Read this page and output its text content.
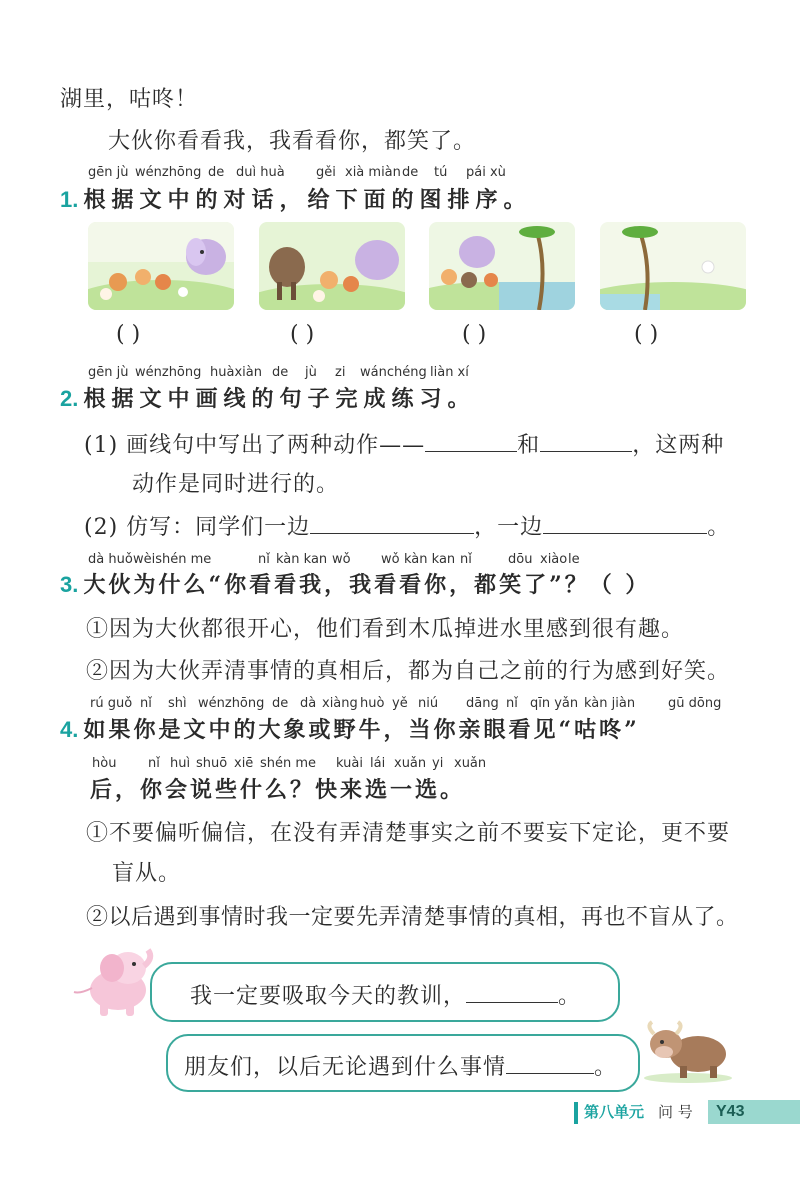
湖里，咕咚！
大伙你看看我，我看看你，都笑了。
gēn jù wénzhōng de duì huà gěi xià miàn de tú pái xù
1. 根据文中的对话，给下面的图排序。
( )	( )	( )	( )
gēn jù wénzhōng huàxiàn de jù zi wánchéng liàn xí
2. 根据文中画线的句子完成练习。
(1) 画线句中写出了两种动作——	和	，这两种
动作是同时进行的。
(2) 仿写：同学们一边	，一边	。
dà huǒ wèishén me	nǐ kàn kan wǒ wǒ kàn kan nǐ	dōu xiào le
3. 大伙为什么“你看看我，我看看你，都笑了”？（ ）
①因为大伙都很开心，他们看到木瓜掉进水里感到很有趣。
②因为大伙弄清事情的真相后，都为自己之前的行为感到好笑。
rú guǒ nǐ shì wénzhōng de dà xiàng huò yě niú dāng nǐ qīn yǎn kàn jiàn	gū dōng
4. 如果你是文中的大象或野牛，当你亲眼看见“咕咚”
hòu nǐ huì shuō xiē shén me kuài lái xuǎn yi xuǎn
后，你会说些什么？快来选一选。
①不要偏听偏信，在没有弄清楚事实之前不要妄下定论，更不要
盲从。
②以后遇到事情时我一定要先弄清楚事情的真相，再也不盲从了。
我一定要吸取今天的教训，	。
朋友们，以后无论遇到什么事情	。
第八单元 问 号	Y43
